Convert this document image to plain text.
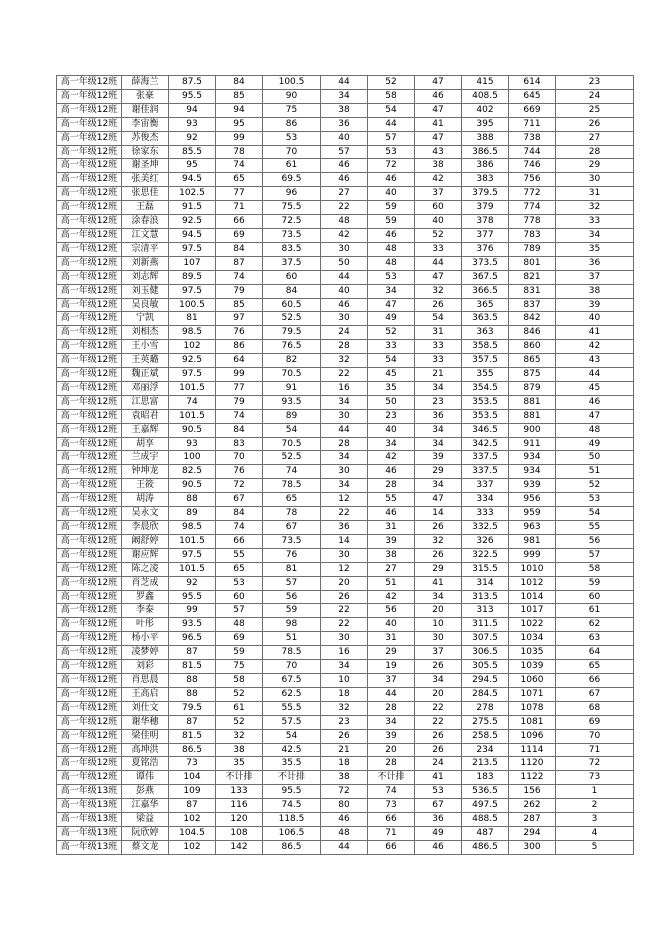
高一年级12班	薛海兰	87.5	84	100.5	44	52	47	415	614	23
高一年级12班	张豪	95.5	85	90	34	58	46	408.5	645	24
高一年级12班	谢佳润	94	94	75	38	54	47	402	669	25
高一年级12班	李宙衡	93	95	86	36	44	41	395	711	26
高一年级12班	苏俊杰	92	99	53	40	57	47	388	738	27
高一年级12班	徐家东	85.5	78	70	57	53	43	386.5	744	28
高一年级12班	谢圣坤	95	74	61	46	72	38	386	746	29
高一年级12班	张美红	94.5	65	69.5	46	46	42	383	756	30
高一年级12班	张思佳	102.5	77	96	27	40	37	379.5	772	31
高一年级12班	王磊	91.5	71	75.5	22	59	60	379	774	32
高一年级12班	涂春浪	92.5	66	72.5	48	59	40	378	778	33
高一年级12班	江文慧	94.5	69	73.5	42	46	52	377	783	34
高一年级12班	宗清平	97.5	84	83.5	30	48	33	376	789	35
高一年级12班	刘新燕	107	87	37.5	50	48	44	373.5	801	36
高一年级12班	刘志辉	89.5	74	60	44	53	47	367.5	821	37
高一年级12班	刘玉健	97.5	79	84	40	34	32	366.5	831	38
高一年级12班	吴良敏	100.5	85	60.5	46	47	26	365	837	39
高一年级12班	宁凯	81	97	52.5	30	49	54	363.5	842	40
高一年级12班	刘相杰	98.5	76	79.5	24	52	31	363	846	41
高一年级12班	王小雪	102	86	76.5	28	33	33	358.5	860	42
高一年级12班	王英璐	92.5	64	82	32	54	33	357.5	865	43
高一年级12班	魏正斌	97.5	99	70.5	22	45	21	355	875	44
高一年级12班	邓丽浮	101.5	77	91	16	35	34	354.5	879	45
高一年级12班	江思富	74	79	93.5	34	50	23	353.5	881	46
高一年级12班	袁昭君	101.5	74	89	30	23	36	353.5	881	47
高一年级12班	王嘉辉	90.5	84	54	44	40	34	346.5	900	48
高一年级12班	胡享	93	83	70.5	28	34	34	342.5	911	49
高一年级12班	兰成宇	100	70	52.5	34	42	39	337.5	934	50
高一年级12班	钟坤龙	82.5	76	74	30	46	29	337.5	934	51
高一年级12班	王筱	90.5	72	78.5	34	28	34	337	939	52
高一年级12班	胡涛	88	67	65	12	55	47	334	956	53
高一年级12班	吴永文	89	84	78	22	46	14	333	959	54
高一年级12班	李晨欣	98.5	74	67	36	31	26	332.5	963	55
高一年级12班	阚舒婷	101.5	66	73.5	14	39	32	326	981	56
高一年级12班	谢应辉	97.5	55	76	30	38	26	322.5	999	57
高一年级12班	陈之凌	101.5	65	81	12	27	29	315.5	1010	58
高一年级12班	肖芝成	92	53	57	20	51	41	314	1012	59
高一年级12班	罗鑫	95.5	60	56	26	42	34	313.5	1014	60
高一年级12班	李泰	99	57	59	22	56	20	313	1017	61
高一年级12班	叶彤	93.5	48	98	22	40	10	311.5	1022	62
高一年级12班	杨小平	96.5	69	51	30	31	30	307.5	1034	63
高一年级12班	凌梦婷	87	59	78.5	16	29	37	306.5	1035	64
高一年级12班	刘彩	81.5	75	70	34	19	26	305.5	1039	65
高一年级12班	肖思晨	88	58	67.5	10	37	34	294.5	1060	66
高一年级12班	王高启	88	52	62.5	18	44	20	284.5	1071	67
高一年级12班	刘仕文	79.5	61	55.5	32	28	22	278	1078	68
高一年级12班	谢华穗	87	52	57.5	23	34	22	275.5	1081	69
高一年级12班	梁佳明	81.5	32	54	26	39	26	258.5	1096	70
高一年级12班	高坤洪	86.5	38	42.5	21	20	26	234	1114	71
高一年级12班	夏铭浩	73	35	35.5	18	28	24	213.5	1120	72
高一年级12班	谭伟	104	不计排	不计排	38	不计排	41	183	1122	73
高一年级13班	彭燕	109	133	95.5	72	74	53	536.5	156	1
高一年级13班	江嘉华	87	116	74.5	80	73	67	497.5	262	2
高一年级13班	梁益	102	120	118.5	46	66	36	488.5	287	3
高一年级13班	阮欣婷	104.5	108	106.5	48	71	49	487	294	4
高一年级13班	蔡文龙	102	142	86.5	44	66	46	486.5	300	5
